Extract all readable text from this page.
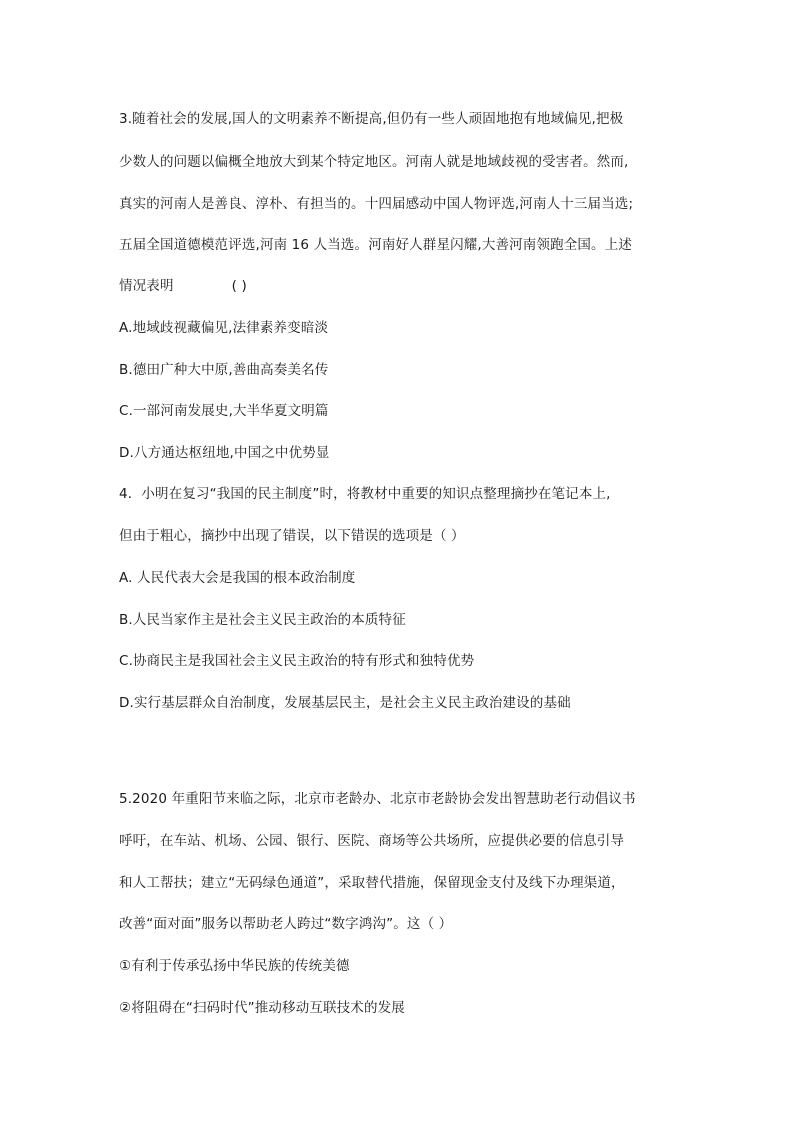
3.随着社会的发展,国人的文明素养不断提高,但仍有一些人顽固地抱有地域偏见,把极
少数人的问题以偏概全地放大到某个特定地区。河南人就是地域歧视的受害者。然而,
真实的河南人是善良、淳朴、有担当的。十四届感动中国人物评选,河南人十三届当选;
五届全国道德模范评选,河南 16 人当选。河南好人群星闪耀,大善河南领跑全国。上述
情况表明	( )
A.地域歧视藏偏见,法律素养变暗淡
B.德田广种大中原,善曲高奏美名传
C.一部河南发展史,大半华夏文明篇
D.八方通达枢纽地,中国之中优势显
4．小明在复习“我国的民主制度”时，将教材中重要的知识点整理摘抄在笔记本上,
但由于粗心，摘抄中出现了错误，以下错误的选项是（ ）
A. 人民代表大会是我国的根本政治制度
B.人民当家作主是社会主义民主政治的本质特征
C.协商民主是我国社会主义民主政治的特有形式和独特优势
D.实行基层群众自治制度，发展基层民主，是社会主义民主政治建设的基础
5.2020 年重阳节来临之际，北京市老龄办、北京市老龄协会发出智慧助老行动倡议书
呼吁，在车站、机场、公园、银行、医院、商场等公共场所，应提供必要的信息引导
和人工帮扶；建立“无码绿色通道”，采取替代措施，保留现金支付及线下办理渠道，
改善“面对面”服务以帮助老人跨过“数字鸿沟”。这（ ）
①有利于传承弘扬中华民族的传统美德
②将阻碍在“扫码时代”推动移动互联技术的发展
